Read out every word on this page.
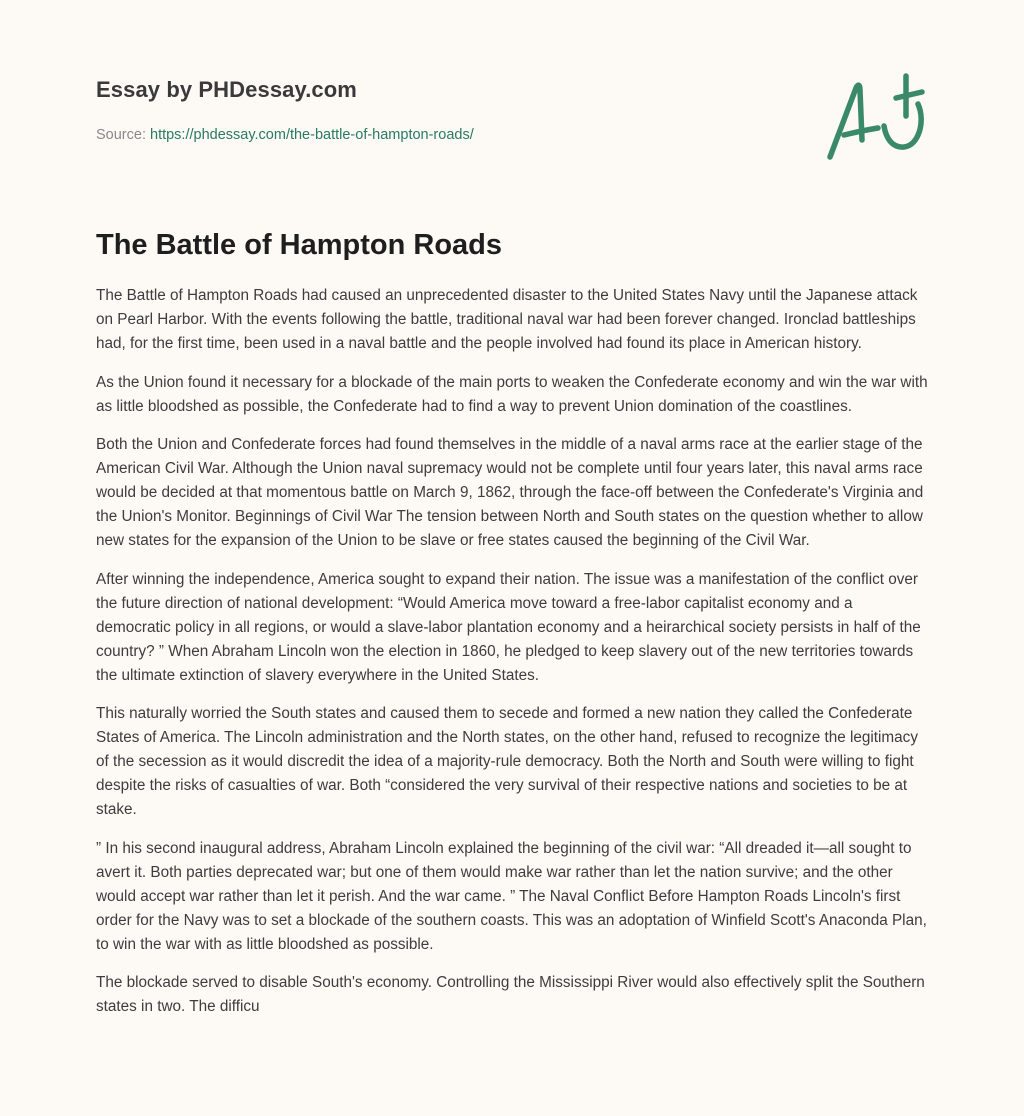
Essay by PHDessay.com
Source: https://phdessay.com/the-battle-of-hampton-roads/
The Battle of Hampton Roads

The Battle of Hampton Roads had caused an unprecedented disaster to the United States Navy until the Japanese attack on Pearl Harbor. With the events following the battle, traditional naval war had been forever changed. Ironclad battleships had, for the first time, been used in a naval battle and the people involved had found its place in American history.

As the Union found it necessary for a blockade of the main ports to weaken the Confederate economy and win the war with as little bloodshed as possible, the Confederate had to find a way to prevent Union domination of the coastlines.

Both the Union and Confederate forces had found themselves in the middle of a naval arms race at the earlier stage of the American Civil War. Although the Union naval supremacy would not be complete until four years later, this naval arms race would be decided at that momentous battle on March 9, 1862, through the face-off between the Confederate's Virginia and the Union's Monitor. Beginnings of Civil War The tension between North and South states on the question whether to allow new states for the expansion of the Union to be slave or free states caused the beginning of the Civil War.

After winning the independence, America sought to expand their nation. The issue was a manifestation of the conflict over the future direction of national development: “Would America move toward a free-labor capitalist economy and a democratic policy in all regions, or would a slave-labor plantation economy and a heirarchical society persists in half of the country? ” When Abraham Lincoln won the election in 1860, he pledged to keep slavery out of the new territories towards the ultimate extinction of slavery everywhere in the United States.

This naturally worried the South states and caused them to secede and formed a new nation they called the Confederate States of America. The Lincoln administration and the North states, on the other hand, refused to recognize the legitimacy of the secession as it would discredit the idea of a majority-rule democracy. Both the North and South were willing to fight despite the risks of casualties of war. Both “considered the very survival of their respective nations and societies to be at stake.

” In his second inaugural address, Abraham Lincoln explained the beginning of the civil war: “All dreaded it—all sought to avert it. Both parties deprecated war; but one of them would make war rather than let the nation survive; and the other would accept war rather than let it perish. And the war came. ” The Naval Conflict Before Hampton Roads Lincoln's first order for the Navy was to set a blockade of the southern coasts. This was an adoptation of Winfield Scott's Anaconda Plan, to win the war with as little bloodshed as possible.

The blockade served to disable South's economy. Controlling the Mississippi River would also effectively split the Southern states in two. The difficu
